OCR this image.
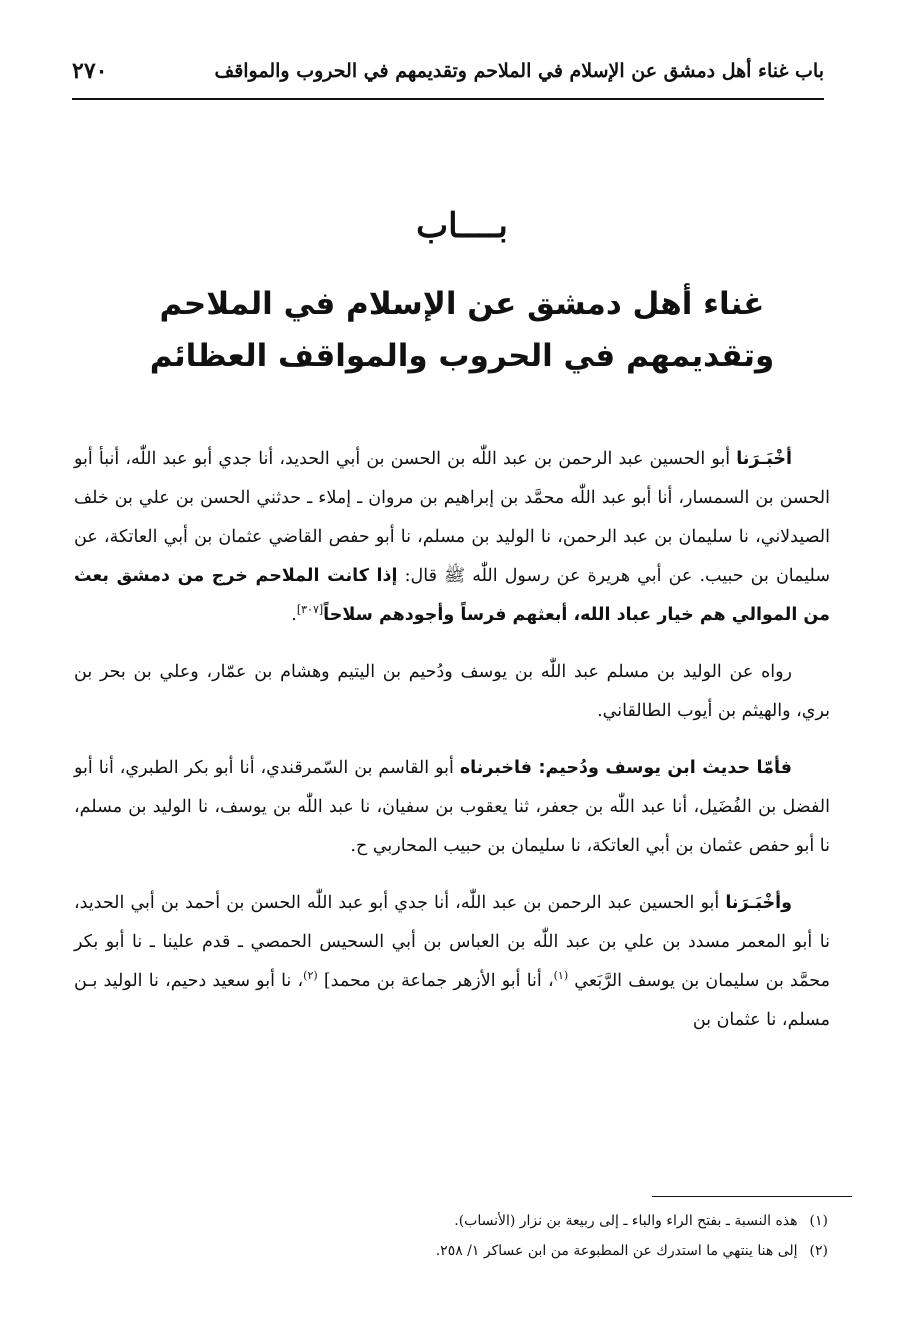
باب غناء أهل دمشق عن الإسلام في الملاحم وتقديمهم في الحروب والمواقف
٢٧٠
بــــاب
غناء أهل دمشق عن الإسلام في الملاحم
وتقديمهم في الحروب والمواقف العظائم

أخْبَـرَنا أبو الحسين عبد الرحمن بن عبد اللّٰه بن الحسن بن أبي الحديد، أنا جدي أبو عبد اللّٰه، أنبأ أبو الحسن بن السمسار، أنا أبو عبد اللّٰه محمَّد بن إبراهيم بن مروان ـ إملاء ـ حدثني الحسن بن علي بن خلف الصيدلاني، نا سليمان بن عبد الرحمن، نا الوليد بن مسلم، نا أبو حفص القاضي عثمان بن أبي العاتكة، عن سليمان بن حبيب. عن أبي هريرة عن رسول اللّٰه ﷺ قال: إذا كانت الملاحم خرج من دمشق بعث من الموالي هم خيار عباد الله، أبعثهم فرساً وأجودهم سلاحاً[٣٠٧].

رواه عن الوليد بن مسلم عبد اللّٰه بن يوسف ودُحيم بن اليتيم وهشام بن عمّار، وعلي بن بحر بن بري، والهيثم بن أيوب الطالقاني.

فأمّا حديث ابن يوسف ودُحيم: فاخبرناه أبو القاسم بن السّمرقندي، أنا أبو بكر الطبري، أنا أبو الفضل بن الفُضَيل، أنا عبد اللّٰه بن جعفر، ثنا يعقوب بن سفيان، نا عبد اللّٰه بن يوسف، نا الوليد بن مسلم، نا أبو حفص عثمان بن أبي العاتكة، نا سليمان بن حبيب المحاربي ح.

وأخْبَـرَنا أبو الحسين عبد الرحمن بن عبد اللّٰه، أنا جدي أبو عبد اللّٰه الحسن بن أحمد بن أبي الحديد، نا أبو المعمر مسدد بن علي بن عبد اللّٰه بن العباس بن أبي السحيس الحمصي ـ قدم علينا ـ نا أبو بكر محمَّد بن سليمان بن يوسف الرَّبَعي $^{(١)}$، أنا أبو الأزهر جماعة بن محمد] $^{(٢)}$، نا أبو سعيد دحيم، نا الوليد بـن مسلم، نا عثمان بن

(١)هذه النسبة ـ بفتح الراء والباء ـ إلى ربيعة بن نزار (الأنساب).

(٢)إلى هنا ينتهي ما استدرك عن المطبوعة من ابن عساكر ١/ ٢٥٨.
